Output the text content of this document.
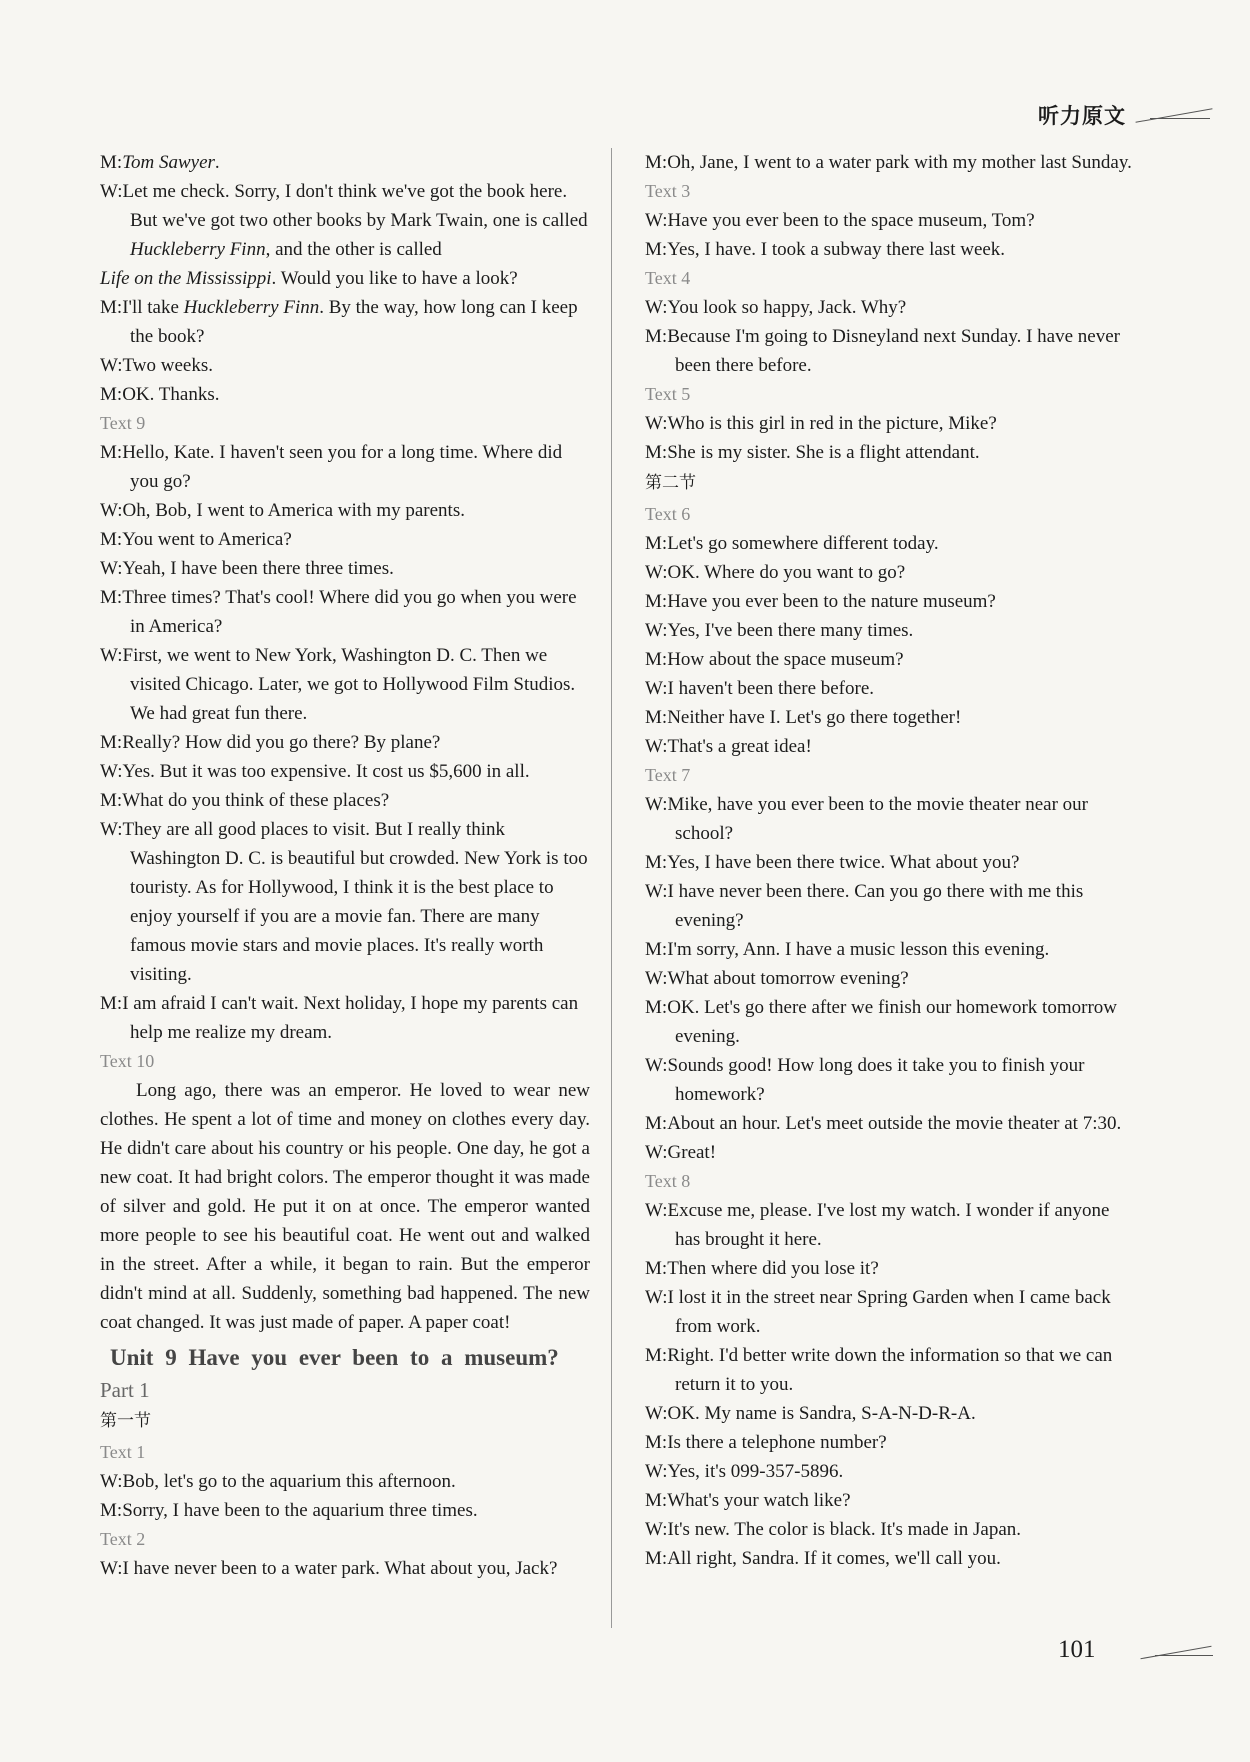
听力原文

M:Tom Sawyer.

W:Let me check. Sorry, I don't think we've got the book here. But we've got two other books by Mark Twain, one is called Huckleberry Finn, and the other is called

Life on the Mississippi. Would you like to have a look?

M:I'll take Huckleberry Finn. By the way, how long can I keep the book?

W:Two weeks.

M:OK. Thanks.

Text 9

M:Hello, Kate. I haven't seen you for a long time. Where did you go?

W:Oh, Bob, I went to America with my parents.

M:You went to America?

W:Yeah, I have been there three times.

M:Three times? That's cool! Where did you go when you were in America?

W:First, we went to New York, Washington D. C. Then we visited Chicago. Later, we got to Hollywood Film Studios. We had great fun there.

M:Really? How did you go there? By plane?

W:Yes. But it was too expensive. It cost us $5,600 in all.

M:What do you think of these places?

W:They are all good places to visit. But I really think Washington D. C. is beautiful but crowded. New York is too touristy. As for Hollywood, I think it is the best place to enjoy yourself if you are a movie fan. There are many famous movie stars and movie places. It's really worth visiting.

M:I am afraid I can't wait. Next holiday, I hope my parents can help me realize my dream.

Text 10

Long ago, there was an emperor. He loved to wear new clothes. He spent a lot of time and money on clothes every day. He didn't care about his country or his people. One day, he got a new coat. It had bright colors. The emperor thought it was made of silver and gold. He put it on at once. The emperor wanted more people to see his beautiful coat. He went out and walked in the street. After a while, it began to rain. But the emperor didn't mind at all. Suddenly, something bad happened. The new coat changed. It was just made of paper. A paper coat!

Unit 9 Have you ever been to a museum?

Part 1

第一节

Text 1

W:Bob, let's go to the aquarium this afternoon.

M:Sorry, I have been to the aquarium three times.

Text 2

W:I have never been to a water park. What about you, Jack?

M:Oh, Jane, I went to a water park with my mother last Sunday.

Text 3

W:Have you ever been to the space museum, Tom?

M:Yes, I have. I took a subway there last week.

Text 4

W:You look so happy, Jack. Why?

M:Because I'm going to Disneyland next Sunday. I have never been there before.

Text 5

W:Who is this girl in red in the picture, Mike?

M:She is my sister. She is a flight attendant.

第二节

Text 6

M:Let's go somewhere different today.

W:OK. Where do you want to go?

M:Have you ever been to the nature museum?

W:Yes, I've been there many times.

M:How about the space museum?

W:I haven't been there before.

M:Neither have I. Let's go there together!

W:That's a great idea!

Text 7

W:Mike, have you ever been to the movie theater near our school?

M:Yes, I have been there twice. What about you?

W:I have never been there. Can you go there with me this evening?

M:I'm sorry, Ann. I have a music lesson this evening.

W:What about tomorrow evening?

M:OK. Let's go there after we finish our homework tomorrow evening.

W:Sounds good! How long does it take you to finish your homework?

M:About an hour. Let's meet outside the movie theater at 7:30.

W:Great!

Text 8

W:Excuse me, please. I've lost my watch. I wonder if anyone has brought it here.

M:Then where did you lose it?

W:I lost it in the street near Spring Garden when I came back from work.

M:Right. I'd better write down the information so that we can return it to you.

W:OK. My name is Sandra, S-A-N-D-R-A.

M:Is there a telephone number?

W:Yes, it's 099-357-5896.

M:What's your watch like?

W:It's new. The color is black. It's made in Japan.

M:All right, Sandra. If it comes, we'll call you.

101
